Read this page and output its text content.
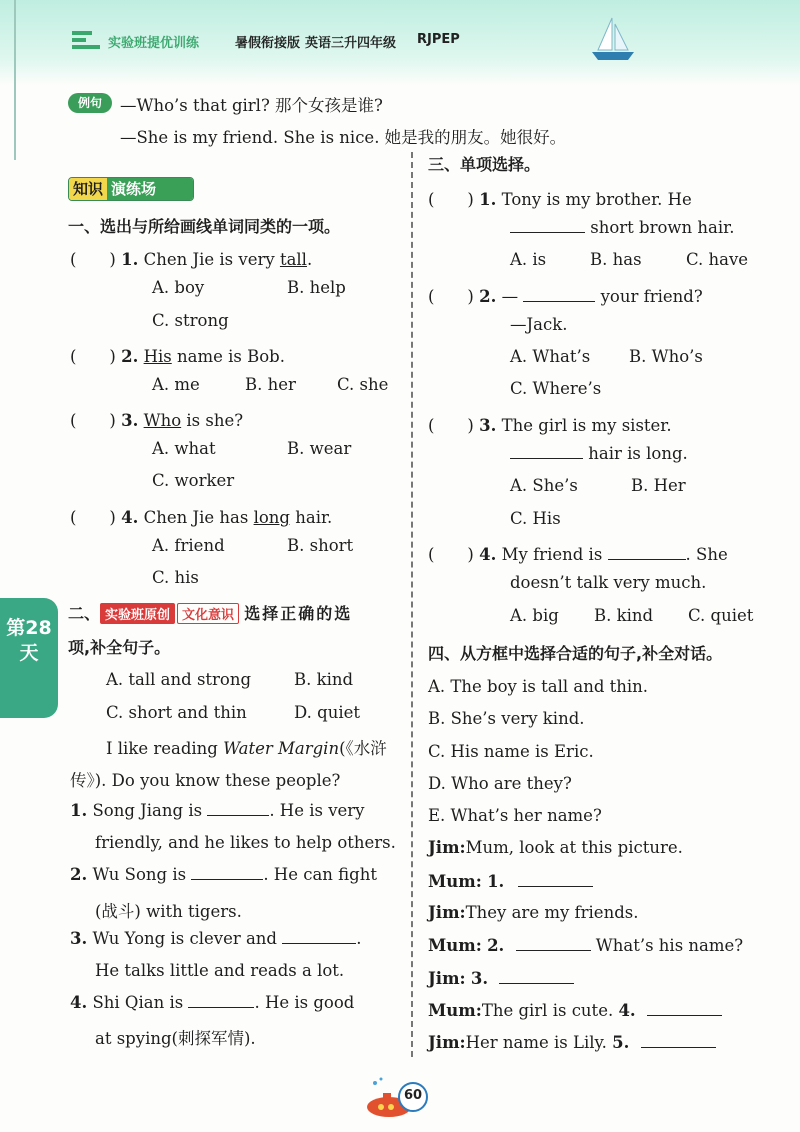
实验班提优训练	暑假衔接版 英语三升四年级 RJPEP
例句	—Who’s that girl? 那个女孩是谁?
—She is my friend. She is nice. 她是我的朋友。她很好。
知识 演练场
一、选出与所给画线单词同类的一项。
(　　) 1. Chen Jie is very tall.
A. boy	B. help
C. strong
(　　) 2. His name is Bob.
A. me	B. her C. she
(　　) 3. Who is she?
A. what	B. wear
C. worker
(　　) 4. Chen Jie has long hair.
A. friend	B. short
C. his
第28天
二、 实验班原创 文化意识 选择正确的选
项,补全句子。
A. tall and strong	B. kind
C. short and thin	D. quiet
I like reading Water Margin(《水浒
传》). Do you know these people?
1. Song Jiang is	. He is very
friendly, and he likes to help others.
2. Wu Song is	. He can fight
(战斗) with tigers.
3. Wu Yong is clever and	.
He talks little and reads a lot.
4. Shi Qian is	. He is good
at spying(刺探军情).
三、单项选择。
(　　) 1. Tony is my brother. He
short brown hair.
A. is	B. has	C. have
(　　) 2. —	your friend?
—Jack.
A. What’s B. Who’s
C. Where’s
(　　) 3. The girl is my sister.
hair is long.
A. She’s	B. Her
C. His
(　　) 4. My friend is	. She
doesn’t talk very much.
A. big B. kind C. quiet
四、从方框中选择合适的句子,补全对话。
A. The boy is tall and thin.
B. She’s very kind.
C. His name is Eric.
D. Who are they?
E. What’s her name?
Jim:Mum, look at this picture.
Mum: 1.
Jim:They are my friends.
Mum: 2.	What’s his name?
Jim: 3.
Mum:The girl is cute. 4.
Jim:Her name is Lily. 5.
60
